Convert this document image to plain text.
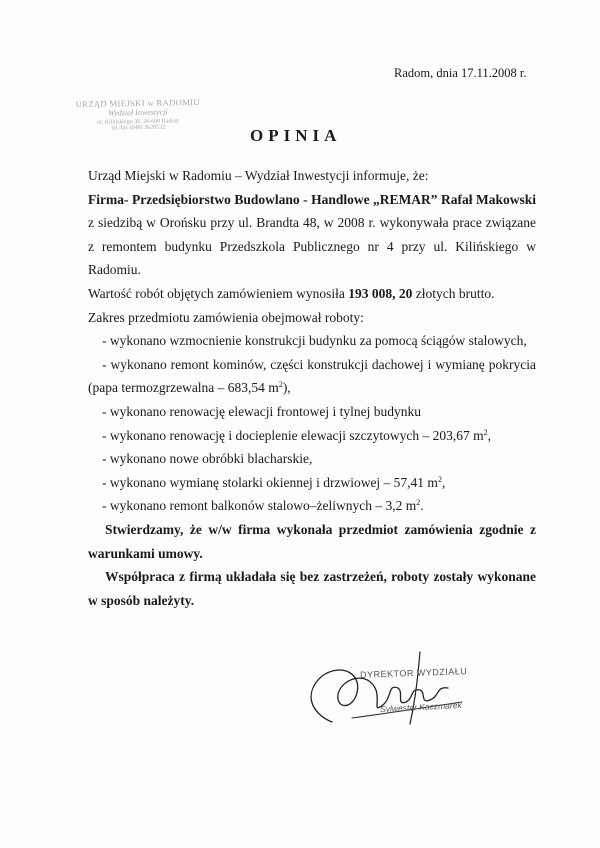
Radom, dnia 17.11.2008 r.
URZĄD MIEJSKI w RADOMIU
Wydział Inwestycji
ul. Kilińskiego 30, 26-600 Radom
tel./fax (048) 3620532	OPINIA

Urząd Miejski w Radomiu – Wydział Inwestycji informuje, że:

Firma- Przedsiębiorstwo Budowlano - Handlowe „REMAR” Rafał Makowski z siedzibą w Orońsku przy ul. Brandta 48, w 2008 r. wykonywała prace związane z remontem budynku Przedszkola Publicznego nr 4 przy ul. Kilińskiego w Radomiu.

Wartość robót objętych zamówieniem wynosiła 193 008, 20 złotych brutto.

Zakres przedmiotu zamówienia obejmował roboty:

- wykonano wzmocnienie konstrukcji budynku za pomocą ściągów stalowych,

- wykonano remont kominów, części konstrukcji dachowej i wymianę pokrycia (papa termozgrzewalna – 683,54 $m^2$),

- wykonano renowację elewacji frontowej i tylnej budynku

- wykonano renowację i docieplenie elewacji szczytowych – 203,67 $m^2$,

- wykonano nowe obróbki blacharskie,

- wykonano wymianę stolarki okiennej i drzwiowej – 57,41 $m^2$,

- wykonano remont balkonów stalowo–żeliwnych – 3,2 $m^2$.

Stwierdzamy, że w/w firma wykonała przedmiot zamówienia zgodnie z warunkami umowy.

Współpraca z firmą układała się bez zastrzeżeń, roboty zostały wykonane w sposób należyty.

DYREKTOR WYDZIAŁU
Sylwester Kaczmarek
